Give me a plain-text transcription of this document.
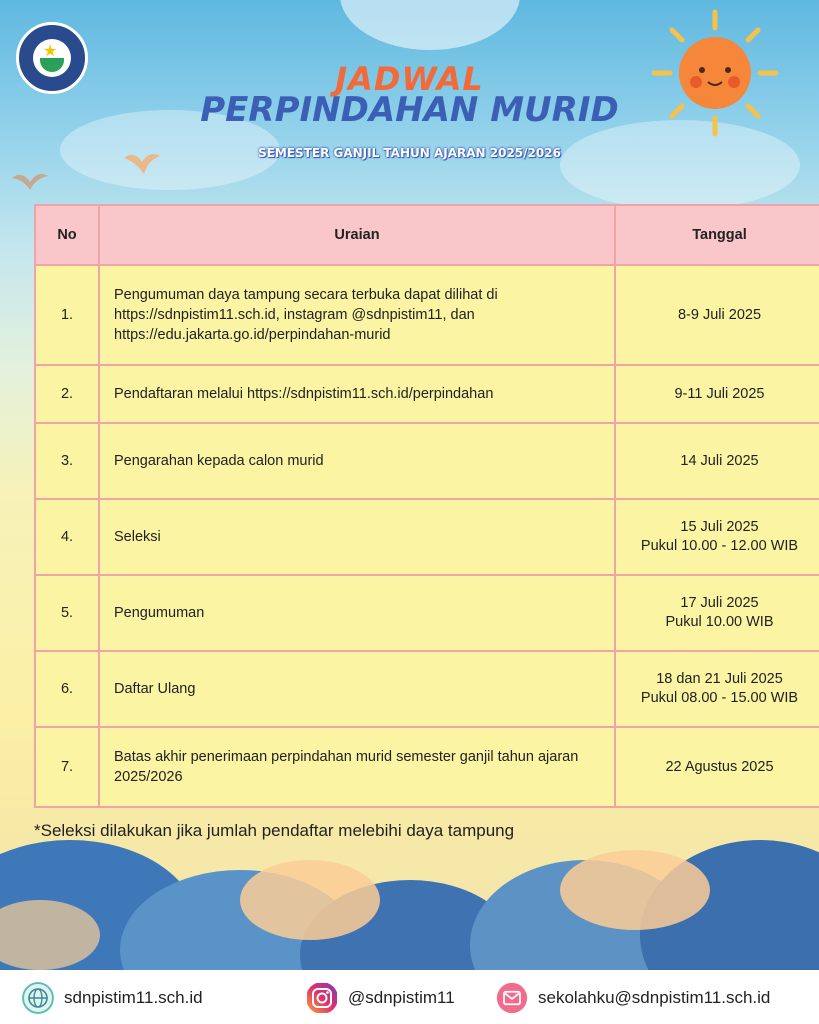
★
JADWAL
PERPINDAHAN MURID
SEMESTER GANJIL TAHUN AJARAN 2025/2026
No	Uraian	Tanggal
1.	Pengumuman daya tampung secara terbuka dapat dilihat di https://sdnpistim11.sch.id, instagram @sdnpistim11, dan https://edu.jakarta.go.id/perpindahan-murid	8-9 Juli 2025

2.	Pendaftaran melalui https://sdnpistim11.sch.id/perpindahan	9-11 Juli 2025

3.	Pengarahan kepada calon murid	14 Juli 2025

4.	Seleksi	15 Juli 2025
Pukul 10.00 - 12.00 WIB

5.	Pengumuman	17 Juli 2025
Pukul 10.00 WIB

6.	Daftar Ulang	18 dan 21 Juli 2025
Pukul 08.00 - 15.00 WIB

7.	Batas akhir penerimaan perpindahan murid semester ganjil tahun ajaran 2025/2026	22 Agustus 2025
*Seleksi dilakukan jika jumlah pendaftar melebihi daya tampung
sdnpistim11.sch.id	@sdnpistim11	sekolahku@sdnpistim11.sch.id
